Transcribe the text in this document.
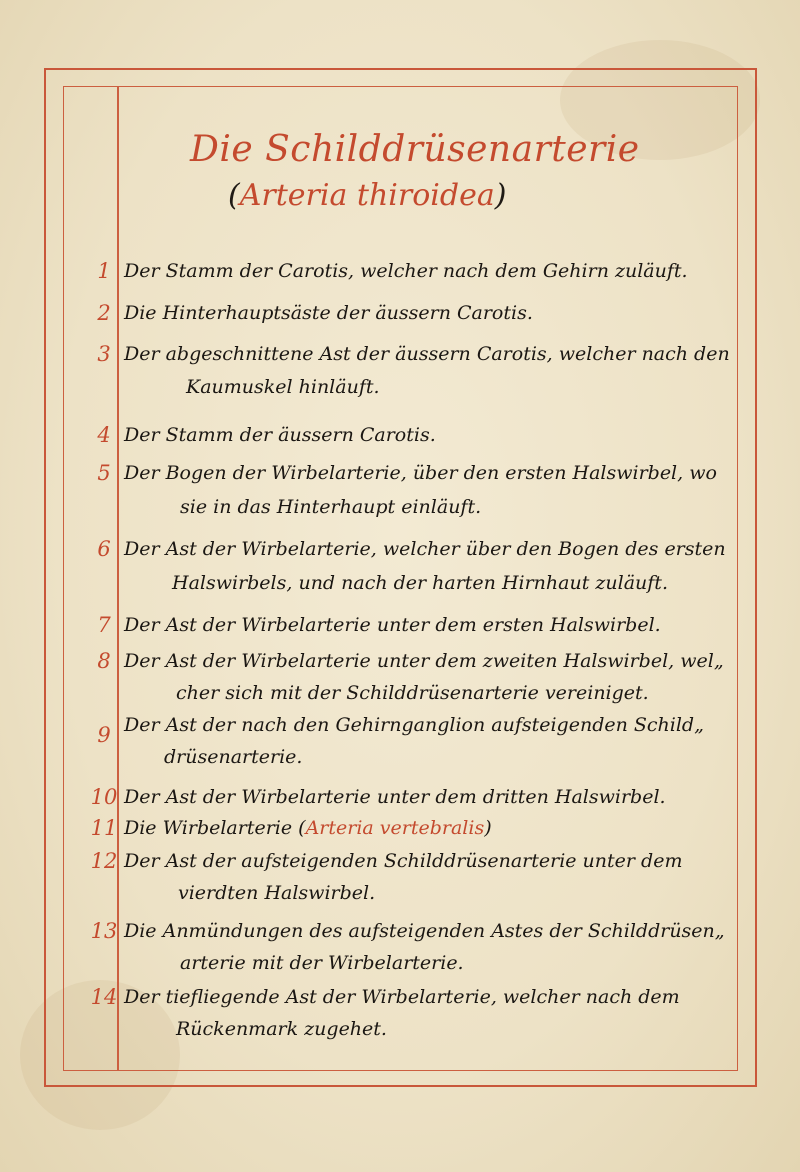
Die Schilddrüsenarterie
(Arteria thiroidea)
1 Der Stamm der Carotis, welcher nach dem Gehirn zuläuft.
2 Die Hinterhauptsäste der äussern Carotis.
3 Der abgeschnittene Ast der äussern Carotis, welcher nach den
Kaumuskel hinläuft.
4 Der Stamm der äussern Carotis.
5 Der Bogen der Wirbelarterie, über den ersten Halswirbel, wo
sie in das Hinterhaupt einläuft.
6 Der Ast der Wirbelarterie, welcher über den Bogen des ersten
Halswirbels, und nach der harten Hirnhaut zuläuft.
7 Der Ast der Wirbelarterie unter dem ersten Halswirbel.
8 Der Ast der Wirbelarterie unter dem zweiten Halswirbel, wel„
cher sich mit der Schilddrüsenarterie vereiniget.
9 Der Ast der nach den Gehirnganglion aufsteigenden Schild„
drüsenarterie.
10 Der Ast der Wirbelarterie unter dem dritten Halswirbel.
11 Die Wirbelarterie (Arteria vertebralis)
12 Der Ast der aufsteigenden Schilddrüsenarterie unter dem
vierdten Halswirbel.
13 Die Anmündungen des aufsteigenden Astes der Schilddrüsen„
arterie mit der Wirbelarterie.
14 Der tiefliegende Ast der Wirbelarterie, welcher nach dem
Rückenmark zugehet.
